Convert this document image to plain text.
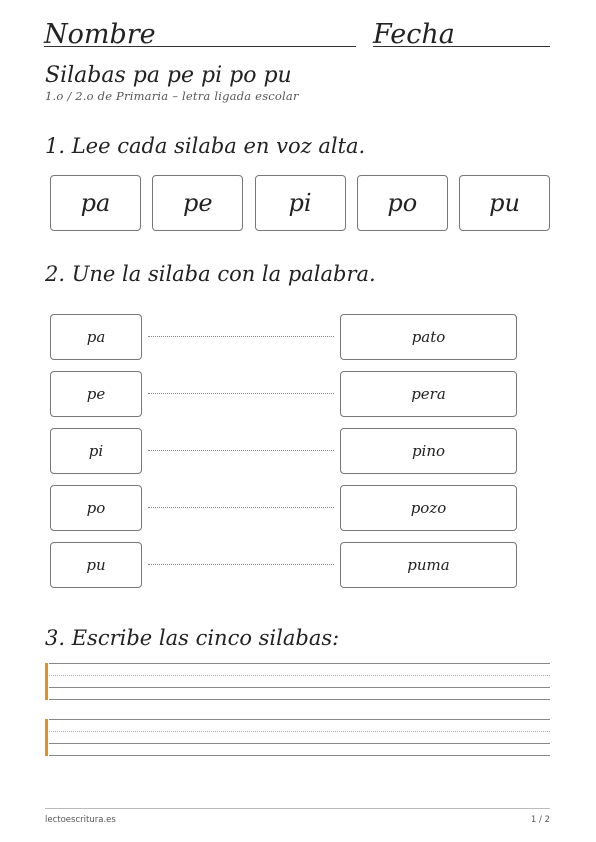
Nombre	Fecha
Silabas pa pe pi po pu
1.o / 2.o de Primaria – letra ligada escolar
1. Lee cada silaba en voz alta.
pa	pe	pi	po	pu
2. Une la silaba con la palabra.
pa	pato
pe	pera
pi	pino
po	pozo
pu	puma
3. Escribe las cinco silabas:
lectoescritura.es	1 / 2
